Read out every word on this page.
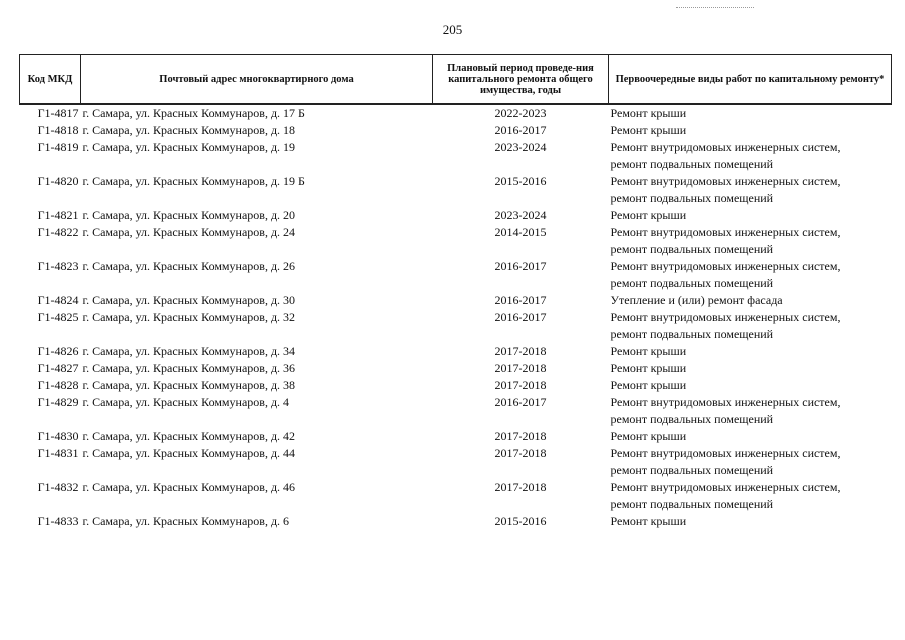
205
Код МКД	Почтовый адрес многоквартирного дома	Плановый период проведе-ния капитального ремонта общего имущества, годы	Первоочередные виды работ по капитальному ремонту*
Г1-4817	г. Самара, ул. Красных Коммунаров, д. 17 Б	2022-2023	Ремонт крыши

Г1-4818	г. Самара, ул. Красных Коммунаров, д. 18	2016-2017	Ремонт крыши

Г1-4819	г. Самара, ул. Красных Коммунаров, д. 19	2023-2024	Ремонт внутридомовых инженерных систем,
ремонт подвальных помещений

Г1-4820	г. Самара, ул. Красных Коммунаров, д. 19 Б	2015-2016	Ремонт внутридомовых инженерных систем,
ремонт подвальных помещений

Г1-4821	г. Самара, ул. Красных Коммунаров, д. 20	2023-2024	Ремонт крыши

Г1-4822	г. Самара, ул. Красных Коммунаров, д. 24	2014-2015	Ремонт внутридомовых инженерных систем,
ремонт подвальных помещений

Г1-4823	г. Самара, ул. Красных Коммунаров, д. 26	2016-2017	Ремонт внутридомовых инженерных систем,
ремонт подвальных помещений

Г1-4824	г. Самара, ул. Красных Коммунаров, д. 30	2016-2017	Утепление и (или) ремонт фасада

Г1-4825	г. Самара, ул. Красных Коммунаров, д. 32	2016-2017	Ремонт внутридомовых инженерных систем,
ремонт подвальных помещений

Г1-4826	г. Самара, ул. Красных Коммунаров, д. 34	2017-2018	Ремонт крыши

Г1-4827	г. Самара, ул. Красных Коммунаров, д. 36	2017-2018	Ремонт крыши

Г1-4828	г. Самара, ул. Красных Коммунаров, д. 38	2017-2018	Ремонт крыши

Г1-4829	г. Самара, ул. Красных Коммунаров, д. 4	2016-2017	Ремонт внутридомовых инженерных систем,
ремонт подвальных помещений

Г1-4830	г. Самара, ул. Красных Коммунаров, д. 42	2017-2018	Ремонт крыши

Г1-4831	г. Самара, ул. Красных Коммунаров, д. 44	2017-2018	Ремонт внутридомовых инженерных систем,
ремонт подвальных помещений

Г1-4832	г. Самара, ул. Красных Коммунаров, д. 46	2017-2018	Ремонт внутридомовых инженерных систем,
ремонт подвальных помещений

Г1-4833	г. Самара, ул. Красных Коммунаров, д. 6	2015-2016	Ремонт крыши
